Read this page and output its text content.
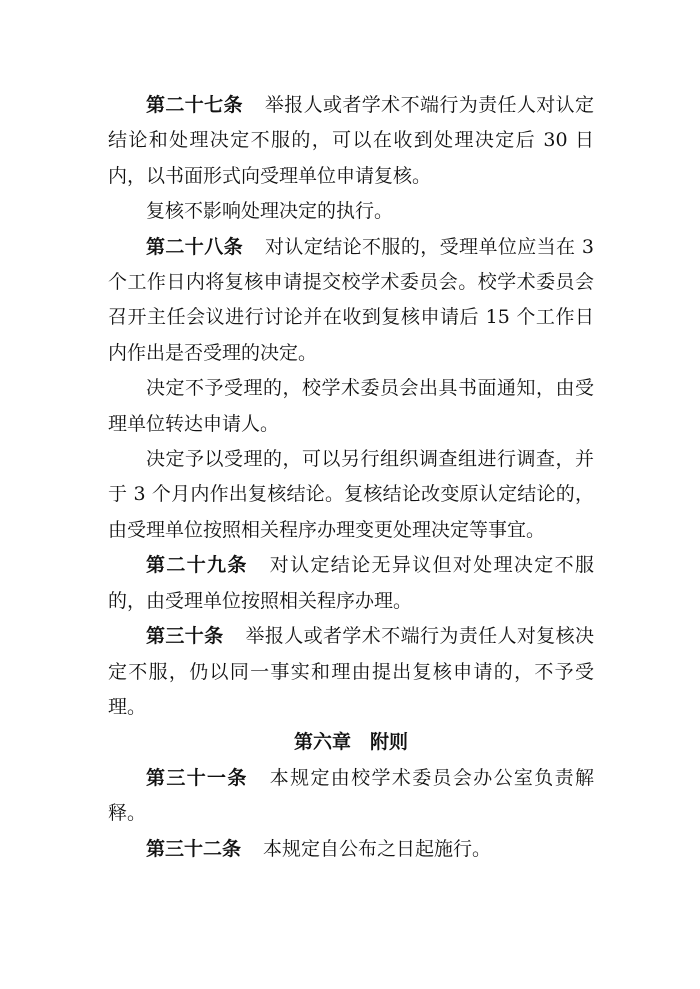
第二十七条 举报人或者学术不端行为责任人对认定结论和处理决定不服的，可以在收到处理决定后 30 日内，以书面形式向受理单位申请复核。

复核不影响处理决定的执行。

第二十八条 对认定结论不服的，受理单位应当在 3 个工作日内将复核申请提交校学术委员会。校学术委员会召开主任会议进行讨论并在收到复核申请后 15 个工作日内作出是否受理的决定。

决定不予受理的，校学术委员会出具书面通知，由受理单位转达申请人。

决定予以受理的，可以另行组织调查组进行调查，并于 3 个月内作出复核结论。复核结论改变原认定结论的，由受理单位按照相关程序办理变更处理决定等事宜。

第二十九条 对认定结论无异议但对处理决定不服的，由受理单位按照相关程序办理。

第三十条 举报人或者学术不端行为责任人对复核决定不服，仍以同一事实和理由提出复核申请的，不予受理。

第六章　附则

第三十一条 本规定由校学术委员会办公室负责解释。

第三十二条 本规定自公布之日起施行。
